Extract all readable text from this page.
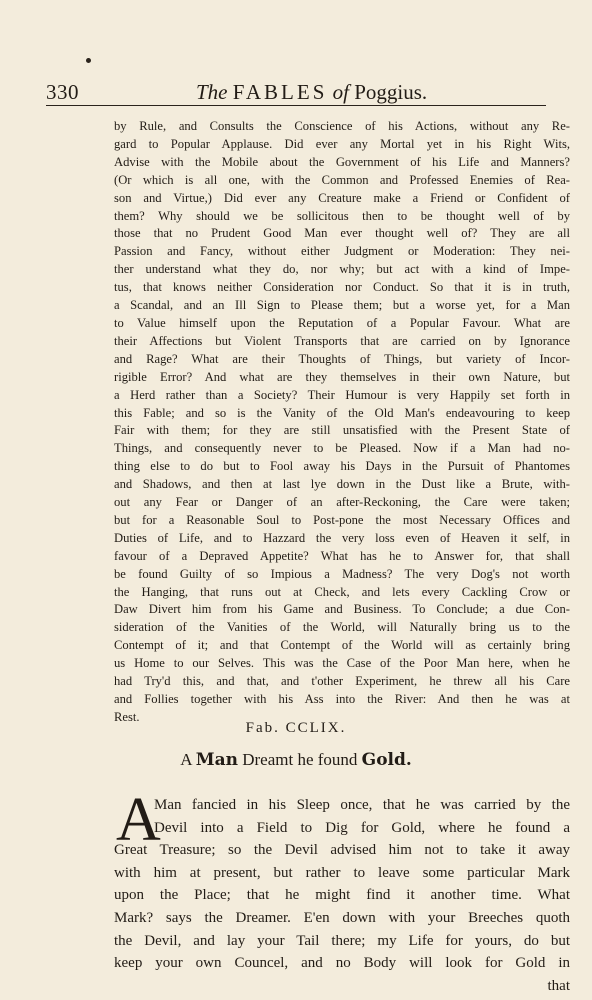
330	The FABLES of Poggius.
by Rule, and Consults the Conscience of his Actions, without any Re-
gard to Popular Applause. Did ever any Mortal yet in his Right Wits,
Advise with the Mobile about the Government of his Life and Manners?
(Or which is all one, with the Common and Professed Enemies of Rea-
son and Virtue,) Did ever any Creature make a Friend or Confident of
them? Why should we be sollicitous then to be thought well of by
those that no Prudent Good Man ever thought well of? They are all
Passion and Fancy, without either Judgment or Moderation: They nei-
ther understand what they do, nor why; but act with a kind of Impe-
tus, that knows neither Consideration nor Conduct. So that it is in truth,
a Scandal, and an Ill Sign to Please them; but a worse yet, for a Man
to Value himself upon the Reputation of a Popular Favour. What are
their Affections but Violent Transports that are carried on by Ignorance
and Rage? What are their Thoughts of Things, but variety of Incor-
rigible Error? And what are they themselves in their own Nature, but
a Herd rather than a Society? Their Humour is very Happily set forth in
this Fable; and so is the Vanity of the Old Man's endeavouring to keep
Fair with them; for they are still unsatisfied with the Present State of
Things, and consequently never to be Pleased. Now if a Man had no-
thing else to do but to Fool away his Days in the Pursuit of Phantomes
and Shadows, and then at last lye down in the Dust like a Brute, with-
out any Fear or Danger of an after-Reckoning, the Care were taken;
but for a Reasonable Soul to Post-pone the most Necessary Offices and
Duties of Life, and to Hazzard the very loss even of Heaven it self, in
favour of a Depraved Appetite? What has he to Answer for, that shall
be found Guilty of so Impious a Madness? The very Dog's not worth
the Hanging, that runs out at Check, and lets every Cackling Crow or
Daw Divert him from his Game and Business. To Conclude; a due Con-
sideration of the Vanities of the World, will Naturally bring us to the
Contempt of it; and that Contempt of the World will as certainly bring
us Home to our Selves. This was the Case of the Poor Man here, when he
had Try'd this, and that, and t'other Experiment, he threw all his Care
and Follies together with his Ass into the River: And then he was at
Rest.
Fab. CCLIX.
A Man Dreamt he found Gold.
A
Man fancied in his Sleep once, that he was carried by the
Devil into a Field to Dig for Gold, where he found a
Great Treasure; so the Devil advised him not to take it away
with him at present, but rather to leave some particular Mark
upon the Place; that he might find it another time. What
Mark? says the Dreamer. E'en down with your Breeches quoth
the Devil, and lay your Tail there; my Life for yours, do but
keep your own Councel, and no Body will look for Gold in
that
